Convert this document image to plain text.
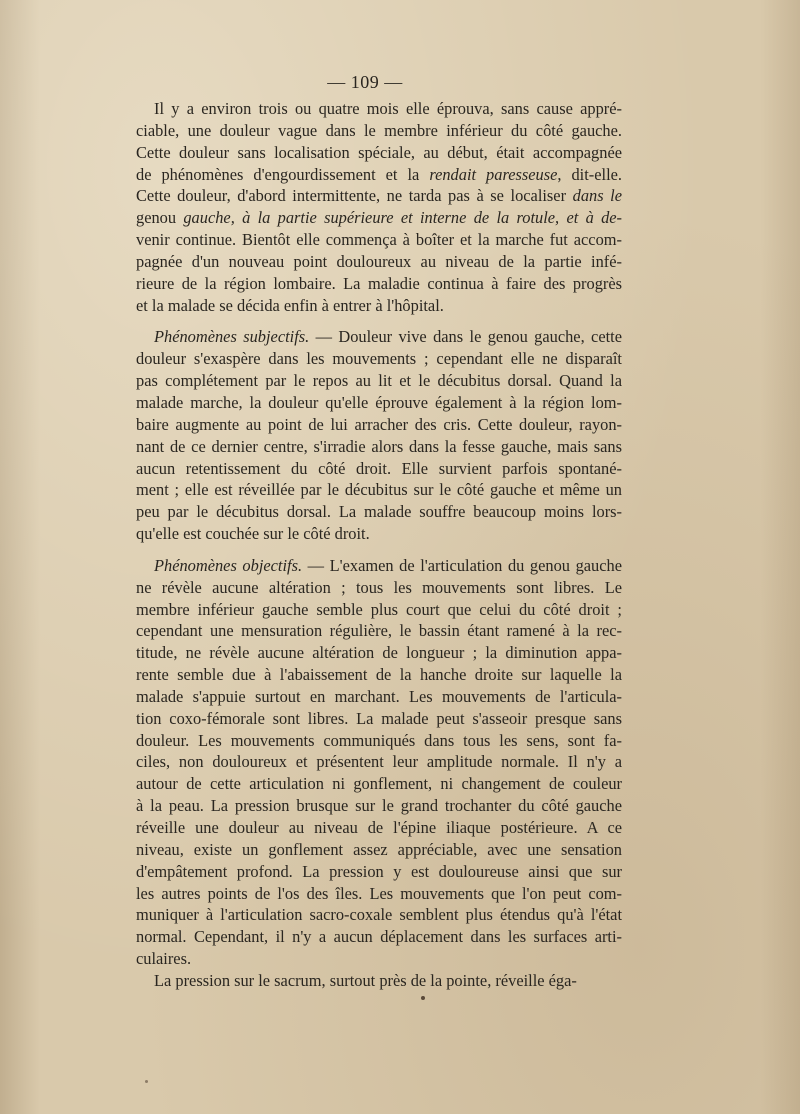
— 109 —
Il y a environ trois ou quatre mois elle éprouva, sans cause appré-
ciable, une douleur vague dans le membre inférieur du côté gauche.
Cette douleur sans localisation spéciale, au début, était accompagnée
de phénomènes d'engourdissement et la rendait paresseuse, dit-elle.
Cette douleur, d'abord intermittente, ne tarda pas à se localiser dans le
genou gauche, à la partie supérieure et interne de la rotule, et à de-
venir continue. Bientôt elle commença à boîter et la marche fut accom-
pagnée d'un nouveau point douloureux au niveau de la partie infé-
rieure de la région lombaire. La maladie continua à faire des progrès
et la malade se décida enfin à entrer à l'hôpital.
Phénomènes subjectifs. — Douleur vive dans le genou gauche, cette
douleur s'exaspère dans les mouvements ; cependant elle ne disparaît
pas complétement par le repos au lit et le décubitus dorsal. Quand la
malade marche, la douleur qu'elle éprouve également à la région lom-
baire augmente au point de lui arracher des cris. Cette douleur, rayon-
nant de ce dernier centre, s'irradie alors dans la fesse gauche, mais sans
aucun retentissement du côté droit. Elle survient parfois spontané-
ment ; elle est réveillée par le décubitus sur le côté gauche et même un
peu par le décubitus dorsal. La malade souffre beaucoup moins lors-
qu'elle est couchée sur le côté droit.
Phénomènes objectifs. — L'examen de l'articulation du genou gauche
ne révèle aucune altération ; tous les mouvements sont libres. Le
membre inférieur gauche semble plus court que celui du côté droit ;
cependant une mensuration régulière, le bassin étant ramené à la rec-
titude, ne révèle aucune altération de longueur ; la diminution appa-
rente semble due à l'abaissement de la hanche droite sur laquelle la
malade s'appuie surtout en marchant. Les mouvements de l'articula-
tion coxo-fémorale sont libres. La malade peut s'asseoir presque sans
douleur. Les mouvements communiqués dans tous les sens, sont fa-
ciles, non douloureux et présentent leur amplitude normale. Il n'y a
autour de cette articulation ni gonflement, ni changement de couleur
à la peau. La pression brusque sur le grand trochanter du côté gauche
réveille une douleur au niveau de l'épine iliaque postérieure. A ce
niveau, existe un gonflement assez appréciable, avec une sensation
d'empâtement profond. La pression y est douloureuse ainsi que sur
les autres points de l'os des îles. Les mouvements que l'on peut com-
muniquer à l'articulation sacro-coxale semblent plus étendus qu'à l'état
normal. Cependant, il n'y a aucun déplacement dans les surfaces arti-
culaires.
La pression sur le sacrum, surtout près de la pointe, réveille éga-
